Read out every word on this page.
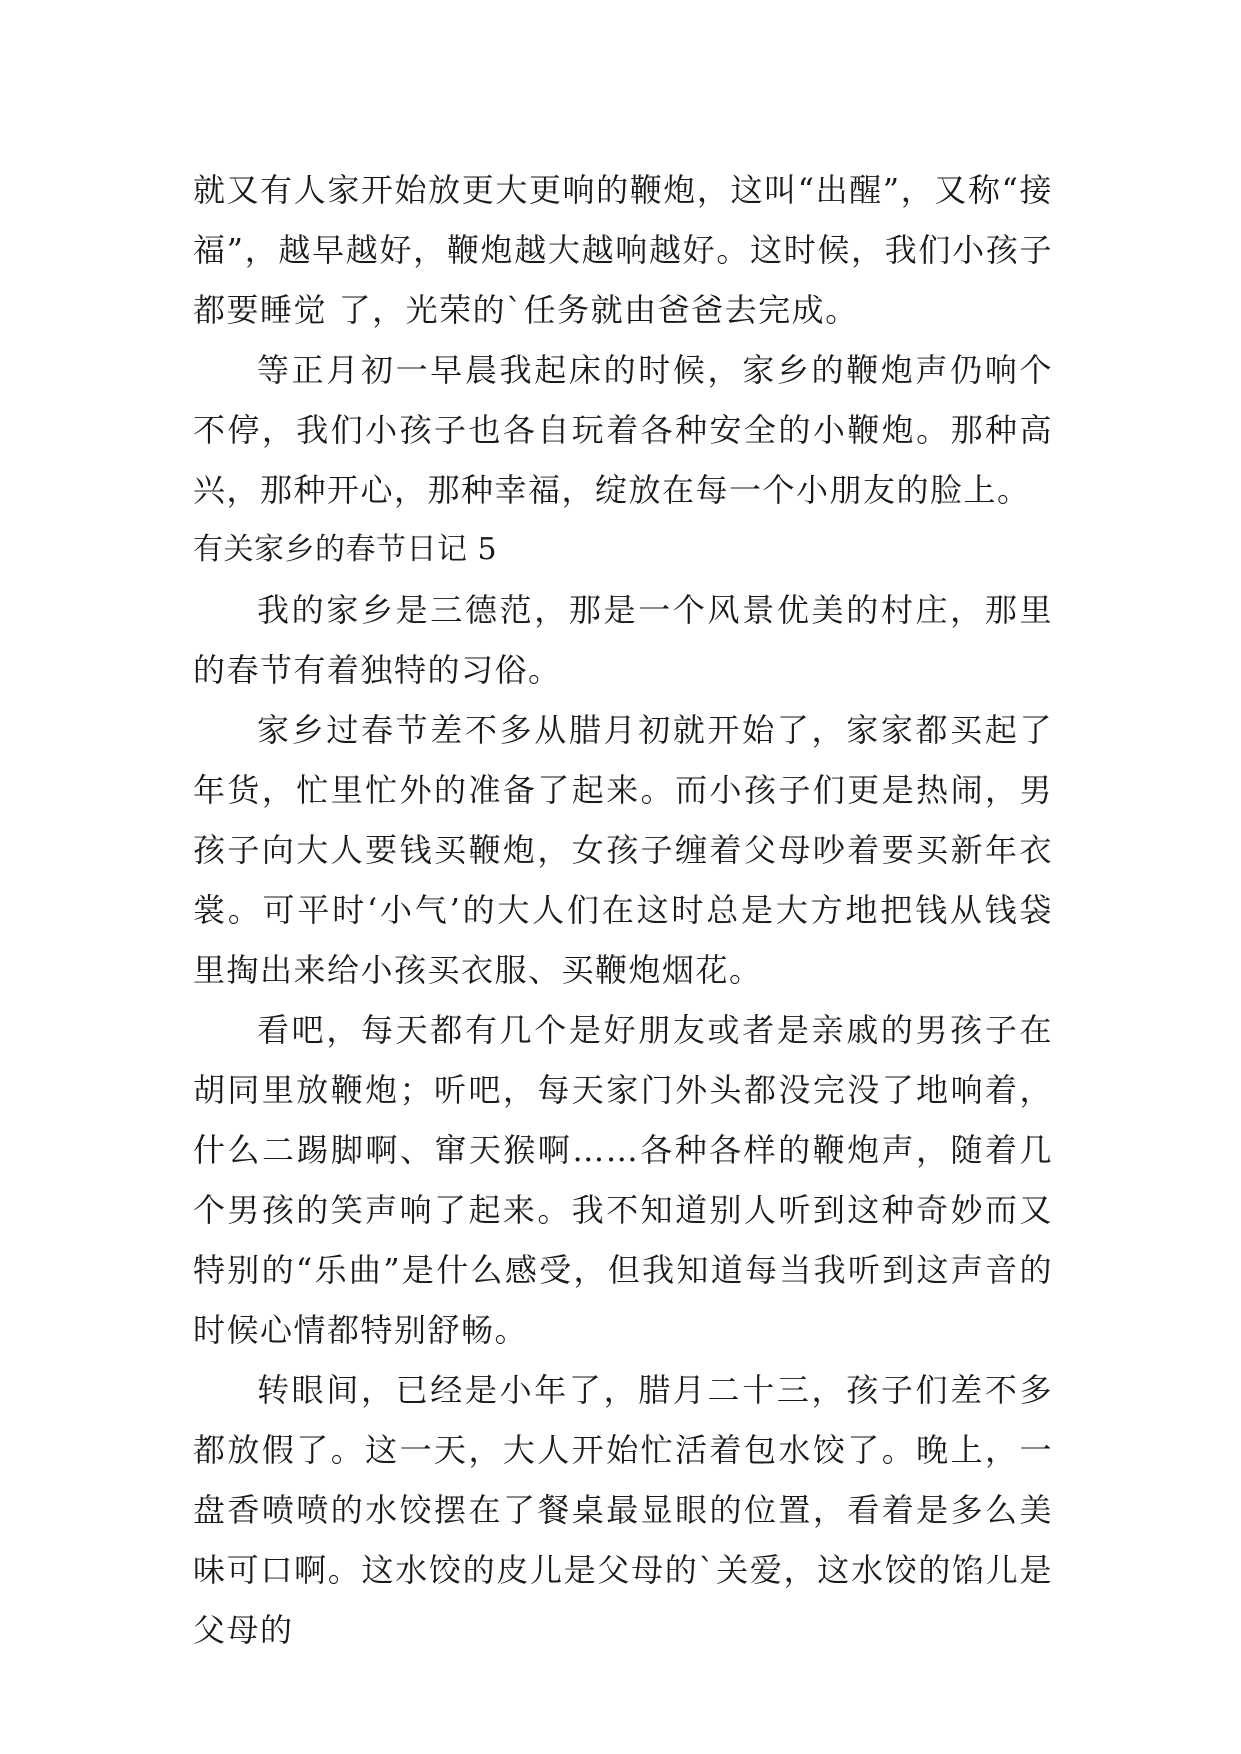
就又有人家开始放更大更响的鞭炮，这叫“出醒”，又称“接福”，越早越好，鞭炮越大越响越好。这时候，我们小孩子都要睡觉 了，光荣的`任务就由爸爸去完成。

等正月初一早晨我起床的时候，家乡的鞭炮声仍响个不停，我们小孩子也各自玩着各种安全的小鞭炮。那种高兴，那种开心，那种幸福，绽放在每一个小朋友的脸上。

有关家乡的春节日记 5

我的家乡是三德范，那是一个风景优美的村庄，那里的春节有着独特的习俗。

家乡过春节差不多从腊月初就开始了，家家都买起了年货，忙里忙外的准备了起来。而小孩子们更是热闹，男孩子向大人要钱买鞭炮，女孩子缠着父母吵着要买新年衣裳。可平时‘小气’的大人们在这时总是大方地把钱从钱袋里掏出来给小孩买衣服、买鞭炮烟花。

看吧，每天都有几个是好朋友或者是亲戚的男孩子在胡同里放鞭炮；听吧，每天家门外头都没完没了地响着，什么二踢脚啊、窜天猴啊……各种各样的鞭炮声，随着几个男孩的笑声响了起来。我不知道别人听到这种奇妙而又特别的“乐曲”是什么感受，但我知道每当我听到这声音的时候心情都特别舒畅。

转眼间，已经是小年了，腊月二十三，孩子们差不多都放假了。这一天，大人开始忙活着包水饺了。晚上，一盘香喷喷的水饺摆在了餐桌最显眼的位置，看着是多么美味可口啊。这水饺的皮儿是父母的`关爱，这水饺的馅儿是父母的
